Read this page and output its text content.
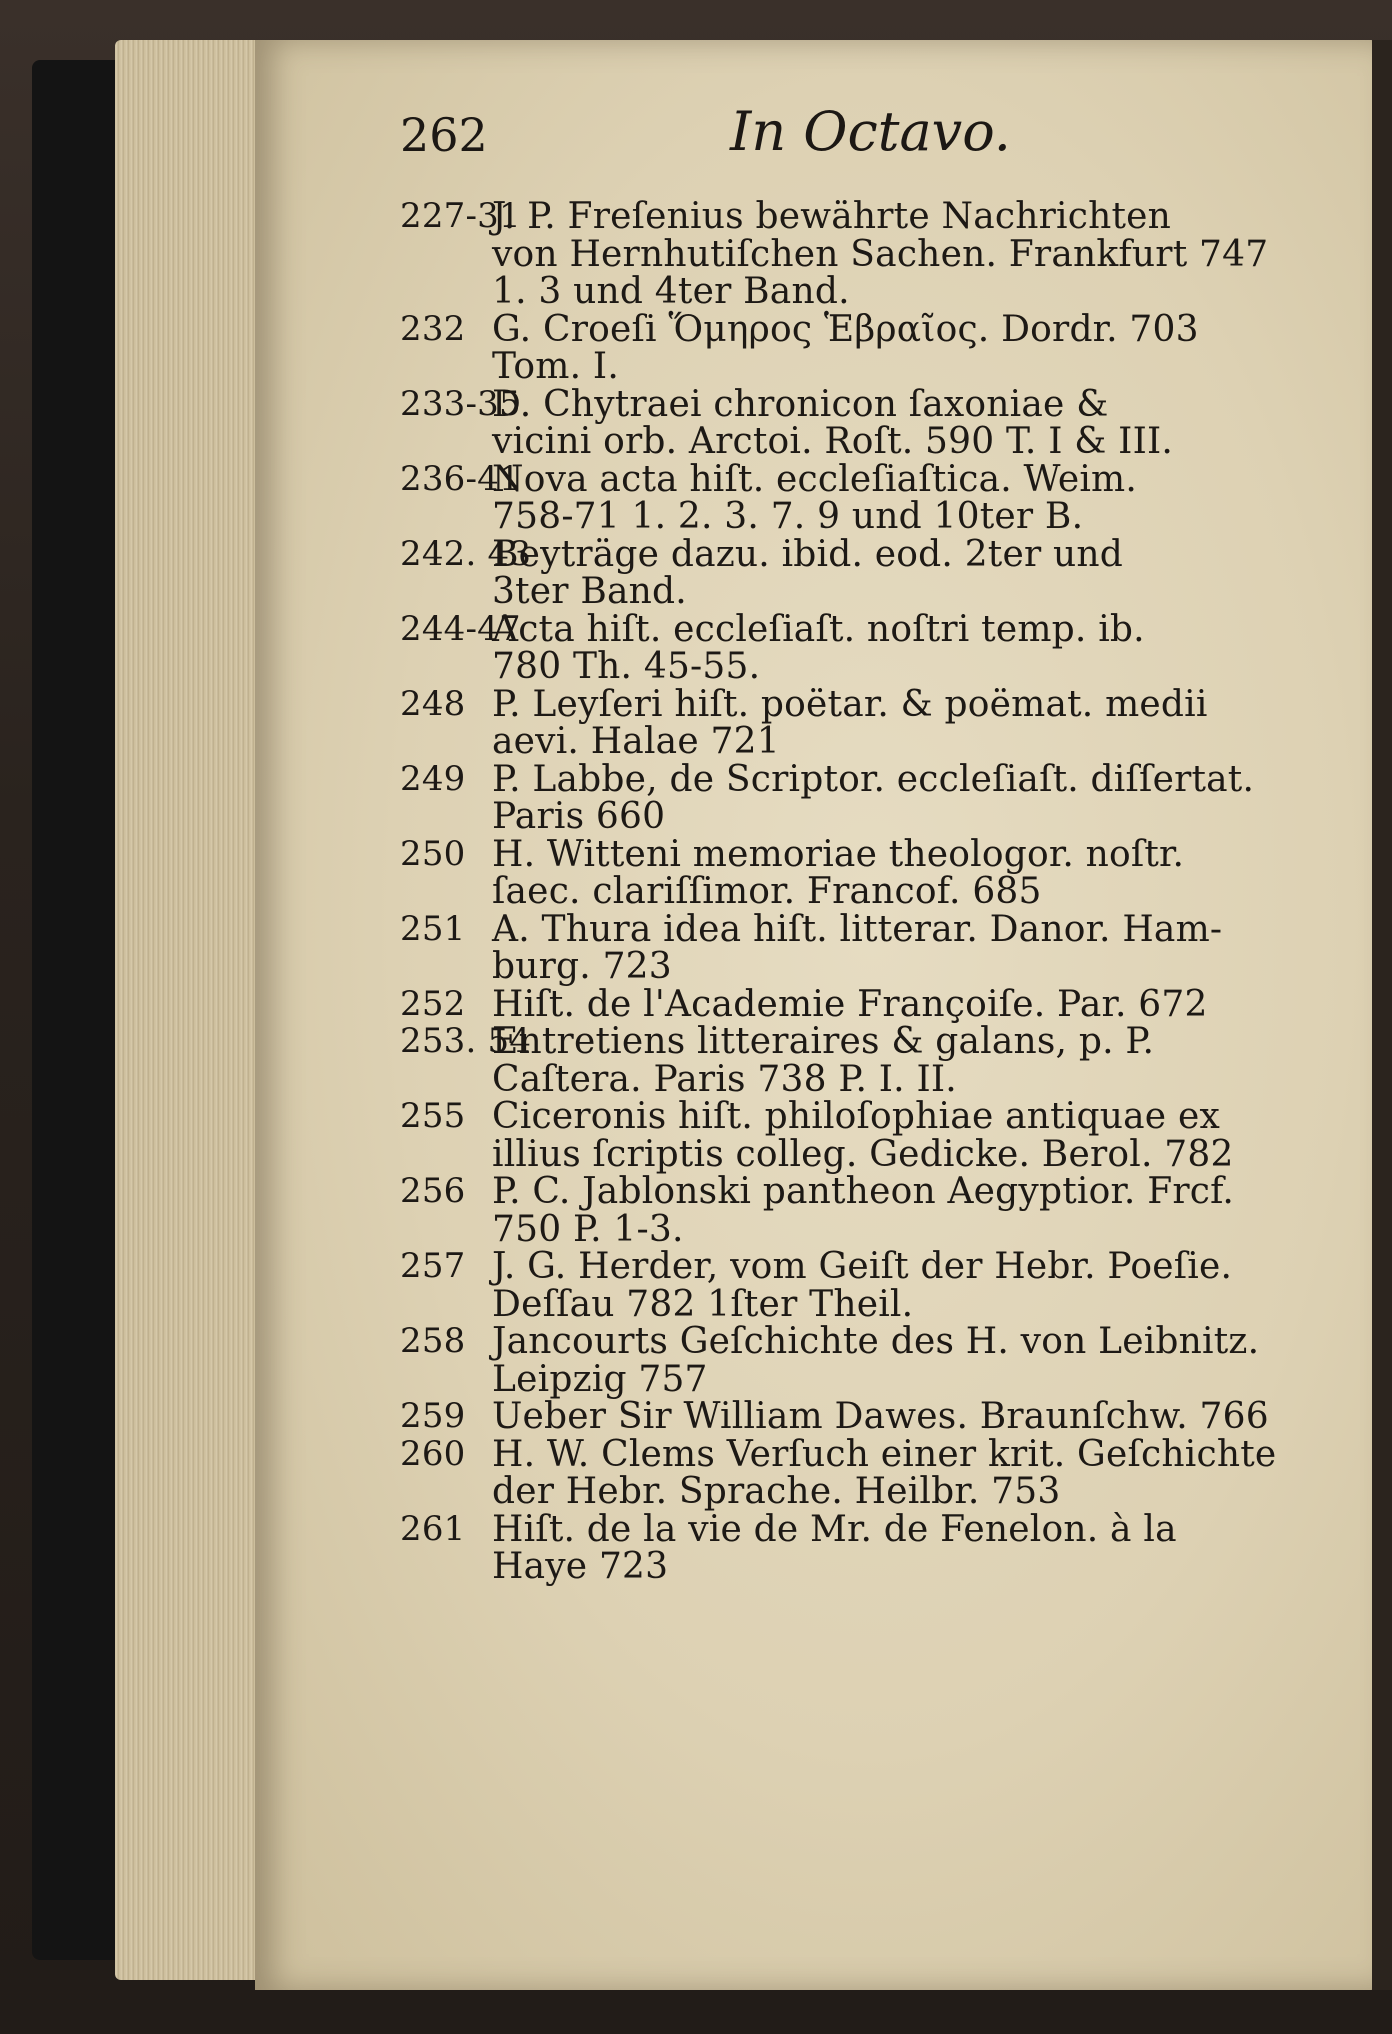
262	In Octavo.
227-31
J. P. Freſenius bewährte Nachrichten
von Hernhutiſchen Sachen. Frankfurt 747
1. 3 und 4ter Band.
232 G. Croeſi Ὅμηρος Ἑβραῖος. Dordr. 703
Tom. I.
233-35
D. Chytraei chronicon ſaxoniae &
vicini orb. Arctoi. Roſt. 590 T. I & III.
236-41
Nova acta hiſt. eccleſiaſtica. Weim.
758-71 1. 2. 3. 7. 9 und 10ter B.
242. 43
Beyträge dazu. ibid. eod. 2ter und
3ter Band.
244-47
Acta hiſt. eccleſiaſt. noſtri temp. ib.
780 Th. 45-55.
248 P. Leyſeri hiſt. poëtar. & poëmat. medii
aevi. Halae 721
249 P. Labbe, de Scriptor. eccleſiaſt. diſſertat.
Paris 660
250 H. Witteni memoriae theologor. noſtr.
ſaec. clariſſimor. Francof. 685
251 A. Thura idea hiſt. litterar. Danor. Ham-
burg. 723
252 Hiſt. de l'Academie Françoiſe. Par. 672
253. 54
Entretiens litteraires & galans, p. P.
Caſtera. Paris 738 P. I. II.
255 Ciceronis hiſt. philoſophiae antiquae ex
illius ſcriptis colleg. Gedicke. Berol. 782
256 P. C. Jablonski pantheon Aegyptior. Frcf.
750 P. 1-3.
257 J. G. Herder, vom Geiſt der Hebr. Poeſie.
Deſſau 782 1ſter Theil.
258 Jancourts Geſchichte des H. von Leibnitz.
Leipzig 757
259 Ueber Sir William Dawes. Braunſchw. 766
260 H. W. Clems Verſuch einer krit. Geſchichte
der Hebr. Sprache. Heilbr. 753
261 Hiſt. de la vie de Mr. de Fenelon. à la
Haye 723
